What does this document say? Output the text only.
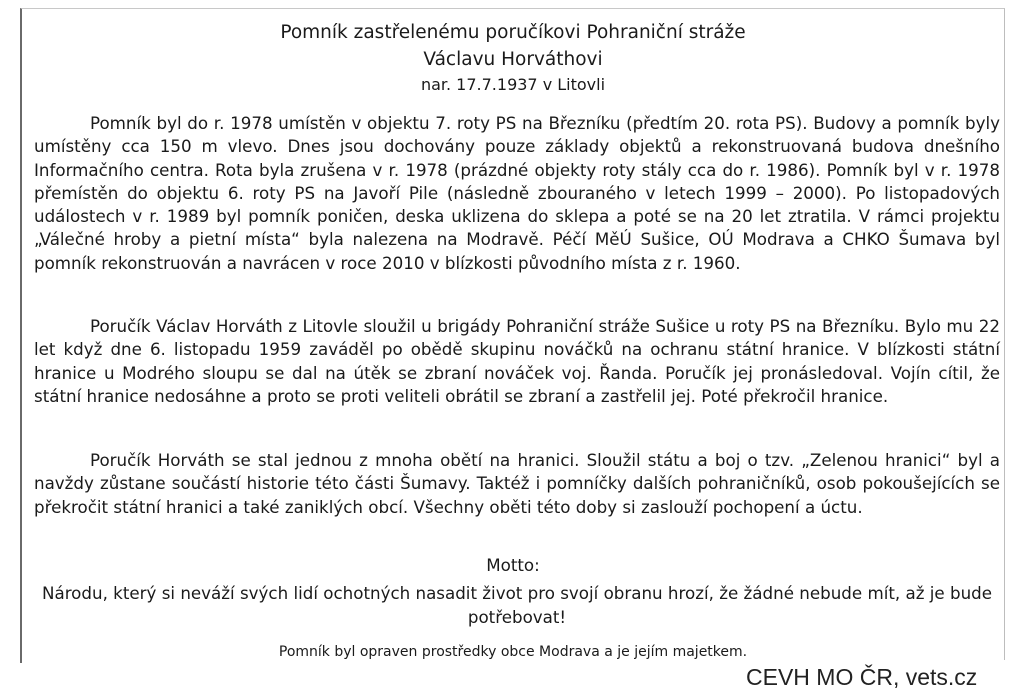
Pomník zastřelenému poručíkovi Pohraniční stráže
Václavu Horváthovi
nar. 17.7.1937 v Litovli

Pomník byl do r. 1978 umístěn v objektu 7. roty PS na Březníku (předtím 20. rota PS). Budovy a pomník byly umístěny cca 150 m vlevo. Dnes jsou dochovány pouze základy objektů a rekonstruovaná budova dnešního Informačního centra. Rota byla zrušena v r. 1978 (prázdné objekty roty stály cca do r. 1986). Pomník byl v r. 1978 přemístěn do objektu 6. roty PS na Javoří Pile (následně zbouraného v letech 1999 – 2000). Po listopadových událostech v r. 1989 byl pomník poničen, deska uklizena do sklepa a poté se na 20 let ztratila. V rámci projektu „Válečné hroby a pietní místa“ byla nalezena na Modravě. Péčí MěÚ Sušice, OÚ Modrava a CHKO Šumava byl pomník rekonstruován a navrácen v roce 2010 v blízkosti původního místa z r. 1960.

Poručík Václav Horváth z Litovle sloužil u brigády Pohraniční stráže Sušice u roty PS na Březníku. Bylo mu 22 let když dne 6. listopadu 1959 zaváděl po obědě skupinu nováčků na ochranu státní hranice. V blízkosti státní hranice u Modrého sloupu se dal na útěk se zbraní nováček voj. Řanda. Poručík jej pronásledoval. Vojín cítil, že státní hranice nedosáhne a proto se proti veliteli obrátil se zbraní a zastřelil jej. Poté překročil hranice.

Poručík Horváth se stal jednou z mnoha obětí na hranici. Sloužil státu a boj o tzv. „Zelenou hranici“ byl a navždy zůstane součástí historie této části Šumavy. Taktéž i pomníčky dalších pohraničníků, osob pokoušejících se překročit státní hranici a také zaniklých obcí. Všechny oběti této doby si zaslouží pochopení a úctu.

Motto:
Národu, který si neváží svých lidí ochotných nasadit život pro svojí obranu hrozí, že žádné nebude mít, až je bude potřebovat!
Pomník byl opraven prostředky obce Modrava a je jejím majetkem.
CEVH MO ČR, vets.cz
